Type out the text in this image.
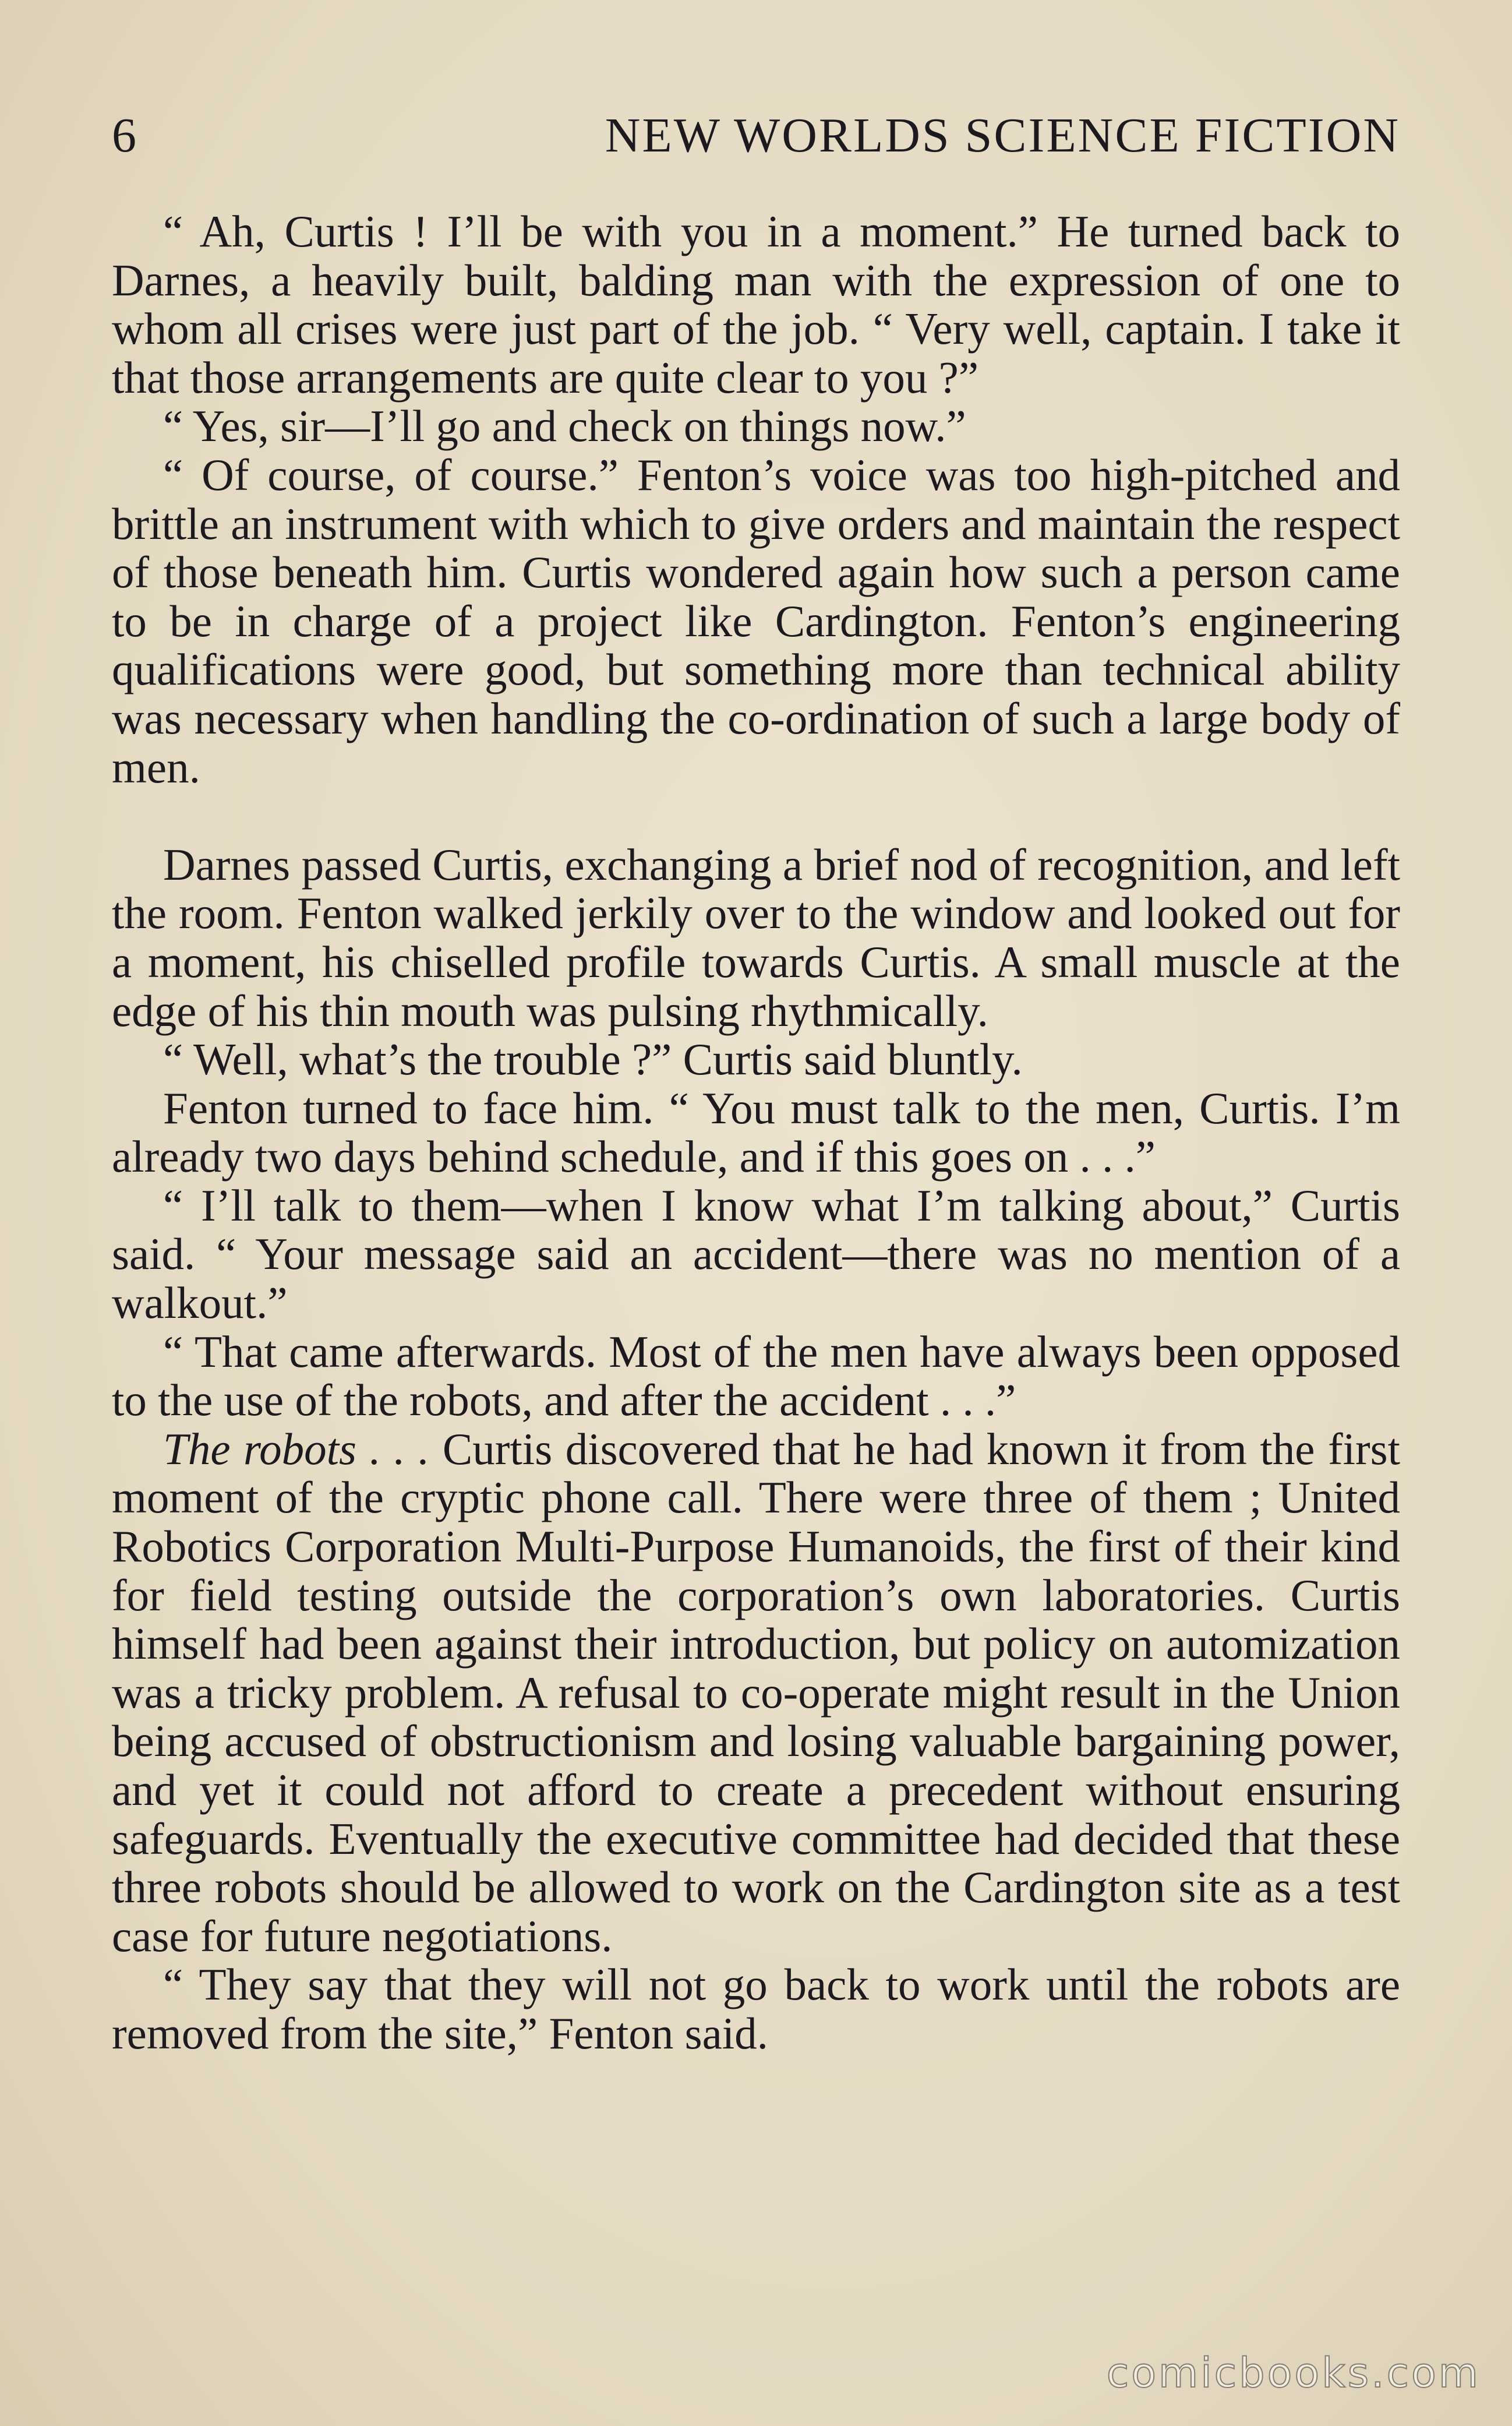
6	NEW WORLDS SCIENCE FICTION

“ Ah, Curtis ! I’ll be with you in a moment.” He turned back to Darnes, a heavily built, balding man with the expression of one to whom all crises were just part of the job. “ Very well, captain. I take it that those arrangements are quite clear to you ?”

“ Yes, sir—I’ll go and check on things now.”

“ Of course, of course.” Fenton’s voice was too high-pitched and brittle an instrument with which to give orders and maintain the respect of those beneath him. Curtis wondered again how such a person came to be in charge of a project like Cardington. Fenton’s engineering qualifications were good, but something more than technical ability was necessary when handling the co-ordination of such a large body of men.

Darnes passed Curtis, exchanging a brief nod of recognition, and left the room. Fenton walked jerkily over to the window and looked out for a moment, his chiselled profile towards Curtis. A small muscle at the edge of his thin mouth was pulsing rhythmically.

“ Well, what’s the trouble ?” Curtis said bluntly.

Fenton turned to face him. “ You must talk to the men, Curtis. I’m already two days behind schedule, and if this goes on . . .”

“ I’ll talk to them—when I know what I’m talking about,” Curtis said. “ Your message said an accident—there was no mention of a walkout.”

“ That came afterwards. Most of the men have always been opposed to the use of the robots, and after the accident . . .”

The robots . . . Curtis discovered that he had known it from the first moment of the cryptic phone call. There were three of them ; United Robotics Corporation Multi-Purpose Humanoids, the first of their kind for field testing outside the corporation’s own laboratories. Curtis himself had been against their introduction, but policy on automization was a tricky problem. A refusal to co-operate might result in the Union being accused of obstructionism and losing valuable bargaining power, and yet it could not afford to create a precedent without ensuring safeguards. Eventually the executive committee had decided that these three robots should be allowed to work on the Cardington site as a test case for future negotiations.

“ They say that they will not go back to work until the robots are removed from the site,” Fenton said.

comicbooks.com
